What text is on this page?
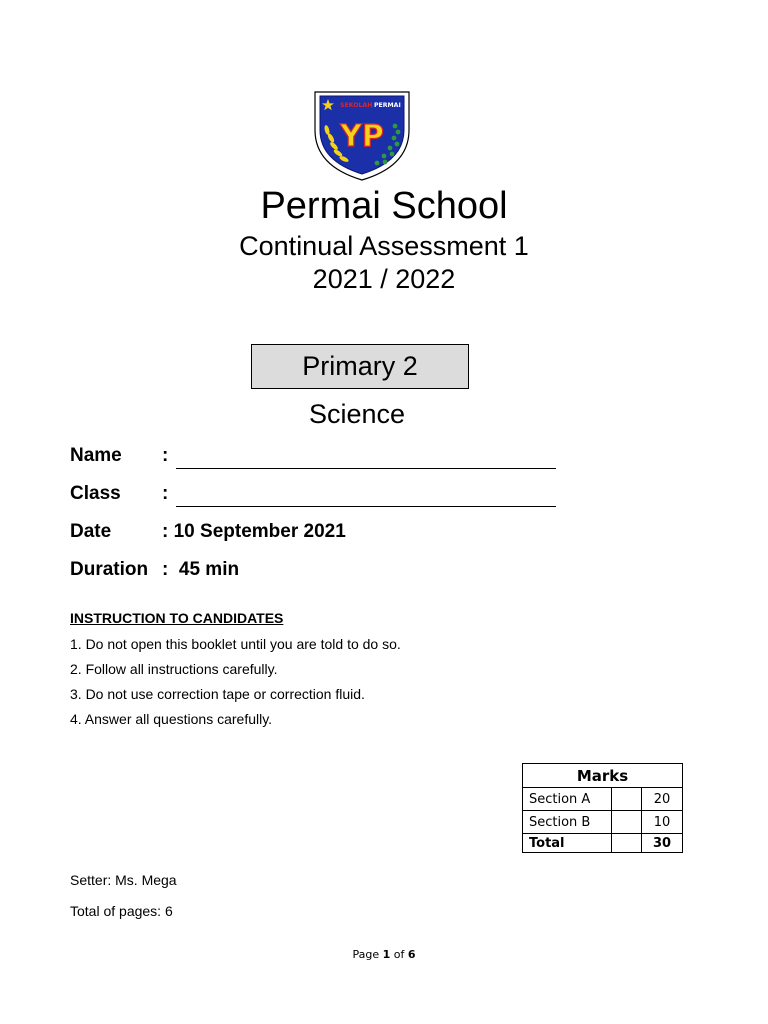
SEKOLAH PERMAI
YP
Permai School
Continual Assessment 1
2021 / 2022
Primary 2
Science
Name :
Class :
Date	: 10 September 2021
Duration :  45 min
INSTRUCTION TO CANDIDATES
1. Do not open this booklet until you are told to do so.
2. Follow all instructions carefully.
3. Do not use correction tape or correction fluid.
4. Answer all questions carefully.
Marks		
Section A		20
Section B		10
Total		30
Setter: Ms. Mega
Total of pages: 6
Page 1 of 6
